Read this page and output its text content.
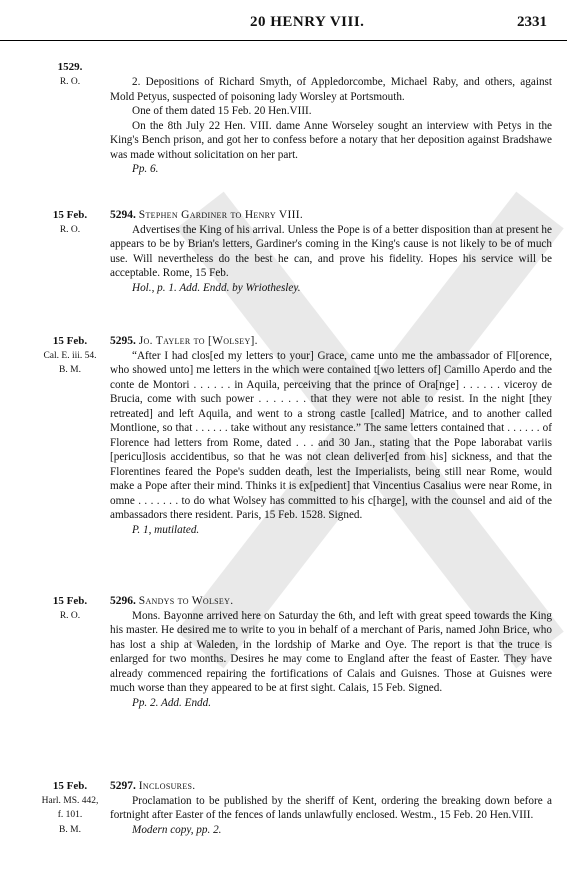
20 HENRY VIII.	2331
1529.
R. O.	2. Depositions of Richard Smyth, of Appledorcombe, Michael Raby, and others, against Mold Petyus, suspected of poisoning lady Worsley at Portsmouth.

One of them dated 15 Feb. 20 Hen.VIII.

On the 8th July 22 Hen. VIII. dame Anne Worseley sought an interview with Petys in the King's Bench prison, and got her to confess before a notary that her deposition against Bradshawe was made without solicitation on her part.

Pp. 6.
15 Feb.
R. O.
5294. Stephen Gardiner to Henry VIII.

Advertises the King of his arrival. Unless the Pope is of a better disposition than at present he appears to be by Brian's letters, Gardiner's coming in the King's cause is not likely to be of much use. Will nevertheless do the best he can, and prove his fidelity. Hopes his service will be acceptable. Rome, 15 Feb.

Hol., p. 1. Add. Endd. by Wriothesley.
15 Feb.
Cal. E. iii. 54.
B. M.
5295. Jo. Tayler to [Wolsey].

“After I had clos[ed my letters to your] Grace, came unto me the ambassador of Fl[orence, who showed unto] me letters in the which were contained t[wo letters of] Camillo Aperdo and the conte de Montori . . . . . . in Aquila, perceiving that the prince of Ora[nge] . . . . . . viceroy de Brucia, come with such power . . . . . . . that they were not able to resist. In the night [they retreated] and left Aquila, and went to a strong castle [called] Matrice, and to another called Montlione, so that . . . . . . take without any resistance.” The same letters contained that . . . . . . of Florence had letters from Rome, dated . . . and 30 Jan., stating that the Pope laborabat variis [pericu]losis accidentibus, so that he was not clean deliver[ed from his] sickness, and that the Florentines feared the Pope's sudden death, lest the Imperialists, being still near Rome, would make a Pope after their mind. Thinks it is ex[pedient] that Vincentius Casalius were near Rome, in omne . . . . . . . to do what Wolsey has committed to his c[harge], with the counsel and aid of the ambassadors there resident. Paris, 15 Feb. 1528. Signed.

P. 1, mutilated.
15 Feb.
R. O.
5296. Sandys to Wolsey.

Mons. Bayonne arrived here on Saturday the 6th, and left with great speed towards the King his master. He desired me to write to you in behalf of a merchant of Paris, named John Brice, who has lost a ship at Waleden, in the lordship of Marke and Oye. The report is that the truce is enlarged for two months. Desires he may come to England after the feast of Easter. They have already commenced repairing the fortifications of Calais and Guisnes. Those at Guisnes were much worse than they appeared to be at first sight. Calais, 15 Feb. Signed.

Pp. 2. Add. Endd.
15 Feb.
Harl. MS. 442,
f. 101.
B. M.
5297. Inclosures.

Proclamation to be published by the sheriff of Kent, ordering the breaking down before a fortnight after Easter of the fences of lands unlawfully enclosed. Westm., 15 Feb. 20 Hen.VIII.

Modern copy, pp. 2.
